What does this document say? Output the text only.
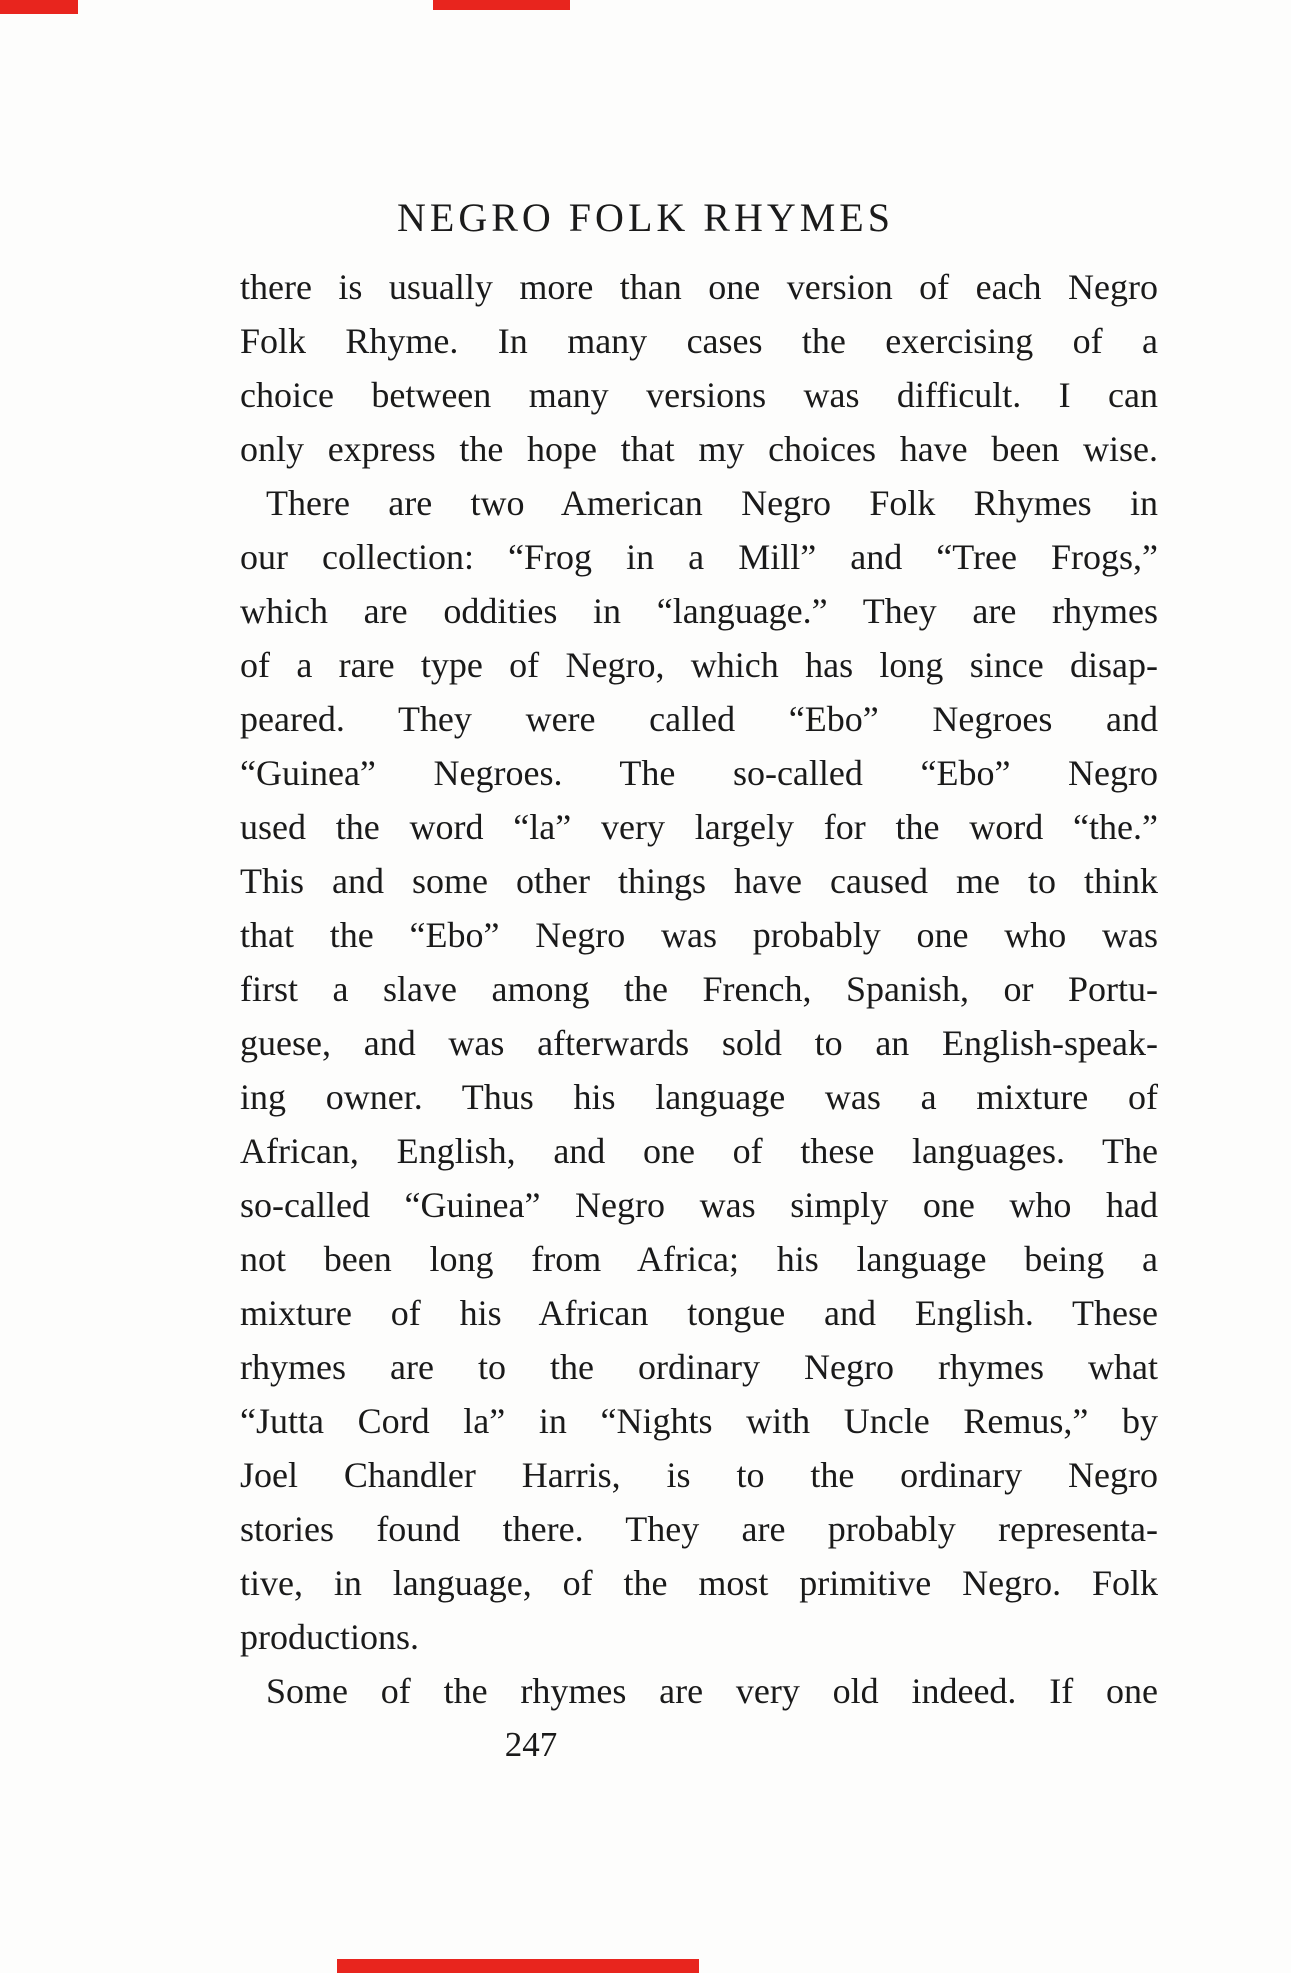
NEGRO FOLK RHYMES

there is usually more than one version of each Negro
Folk Rhyme. In many cases the exercising of a
choice between many versions was difficult. I can
only express the hope that my choices have been wise.

There are two American Negro Folk Rhymes in
our collection: “Frog in a Mill” and “Tree Frogs,”
which are oddities in “language.” They are rhymes
of a rare type of Negro, which has long since disap-
peared. They were called “Ebo” Negroes and
“Guinea” Negroes. The so-called “Ebo” Negro
used the word “la” very largely for the word “the.”
This and some other things have caused me to think
that the “Ebo” Negro was probably one who was
first a slave among the French, Spanish, or Portu-
guese, and was afterwards sold to an English-speak-
ing owner. Thus his language was a mixture of
African, English, and one of these languages. The
so-called “Guinea” Negro was simply one who had
not been long from Africa; his language being a
mixture of his African tongue and English. These
rhymes are to the ordinary Negro rhymes what
“Jutta Cord la” in “Nights with Uncle Remus,” by
Joel Chandler Harris, is to the ordinary Negro
stories found there. They are probably representa-
tive, in language, of the most primitive Negro. Folk
productions.

Some of the rhymes are very old indeed. If one

247
